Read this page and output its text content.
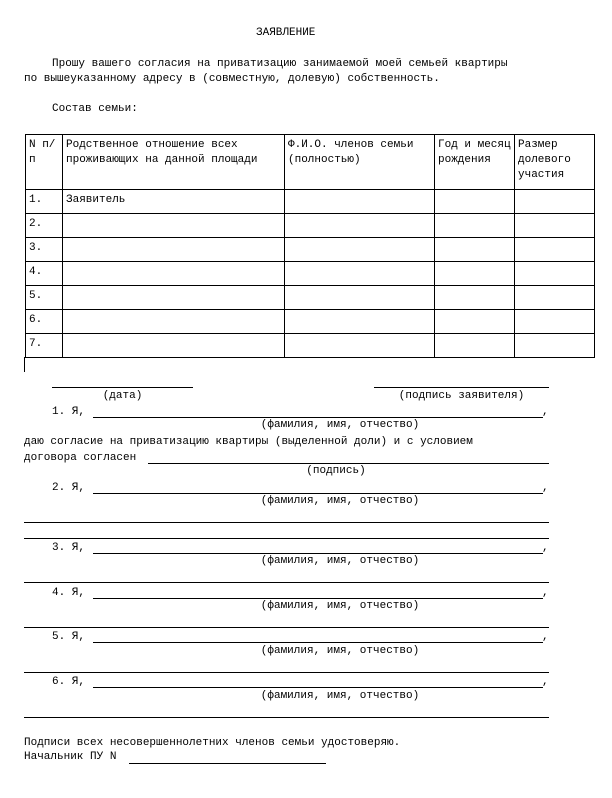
ЗАЯВЛЕНИЕ
Прошу вашего согласия на приватизацию занимаемой моей семьей квартиры
по вышеуказанному адресу в (совместную, долевую) собственность.
Состав семьи:
N п/п	Родственное отношение всех проживающих на данной площади	Ф.И.О. членов семьи (полностью)	Год и месяц рождения	Размер долевого участия
1.	Заявитель			
2.				
3.				
4.				
5.				
6.				
7.				
(дата)	(подпись заявителя)
1. Я,	,
(фамилия, имя, отчество)
даю согласие на приватизацию квартиры (выделенной доли) и с условием
договора согласен
(подпись)
2. Я,	,
(фамилия, имя, отчество)
3. Я,	,
(фамилия, имя, отчество)
4. Я,	,
(фамилия, имя, отчество)
5. Я,	,
(фамилия, имя, отчество)
6. Я,	,
(фамилия, имя, отчество)
Подписи всех несовершеннолетних членов семьи удостоверяю.
Начальник ПУ N
